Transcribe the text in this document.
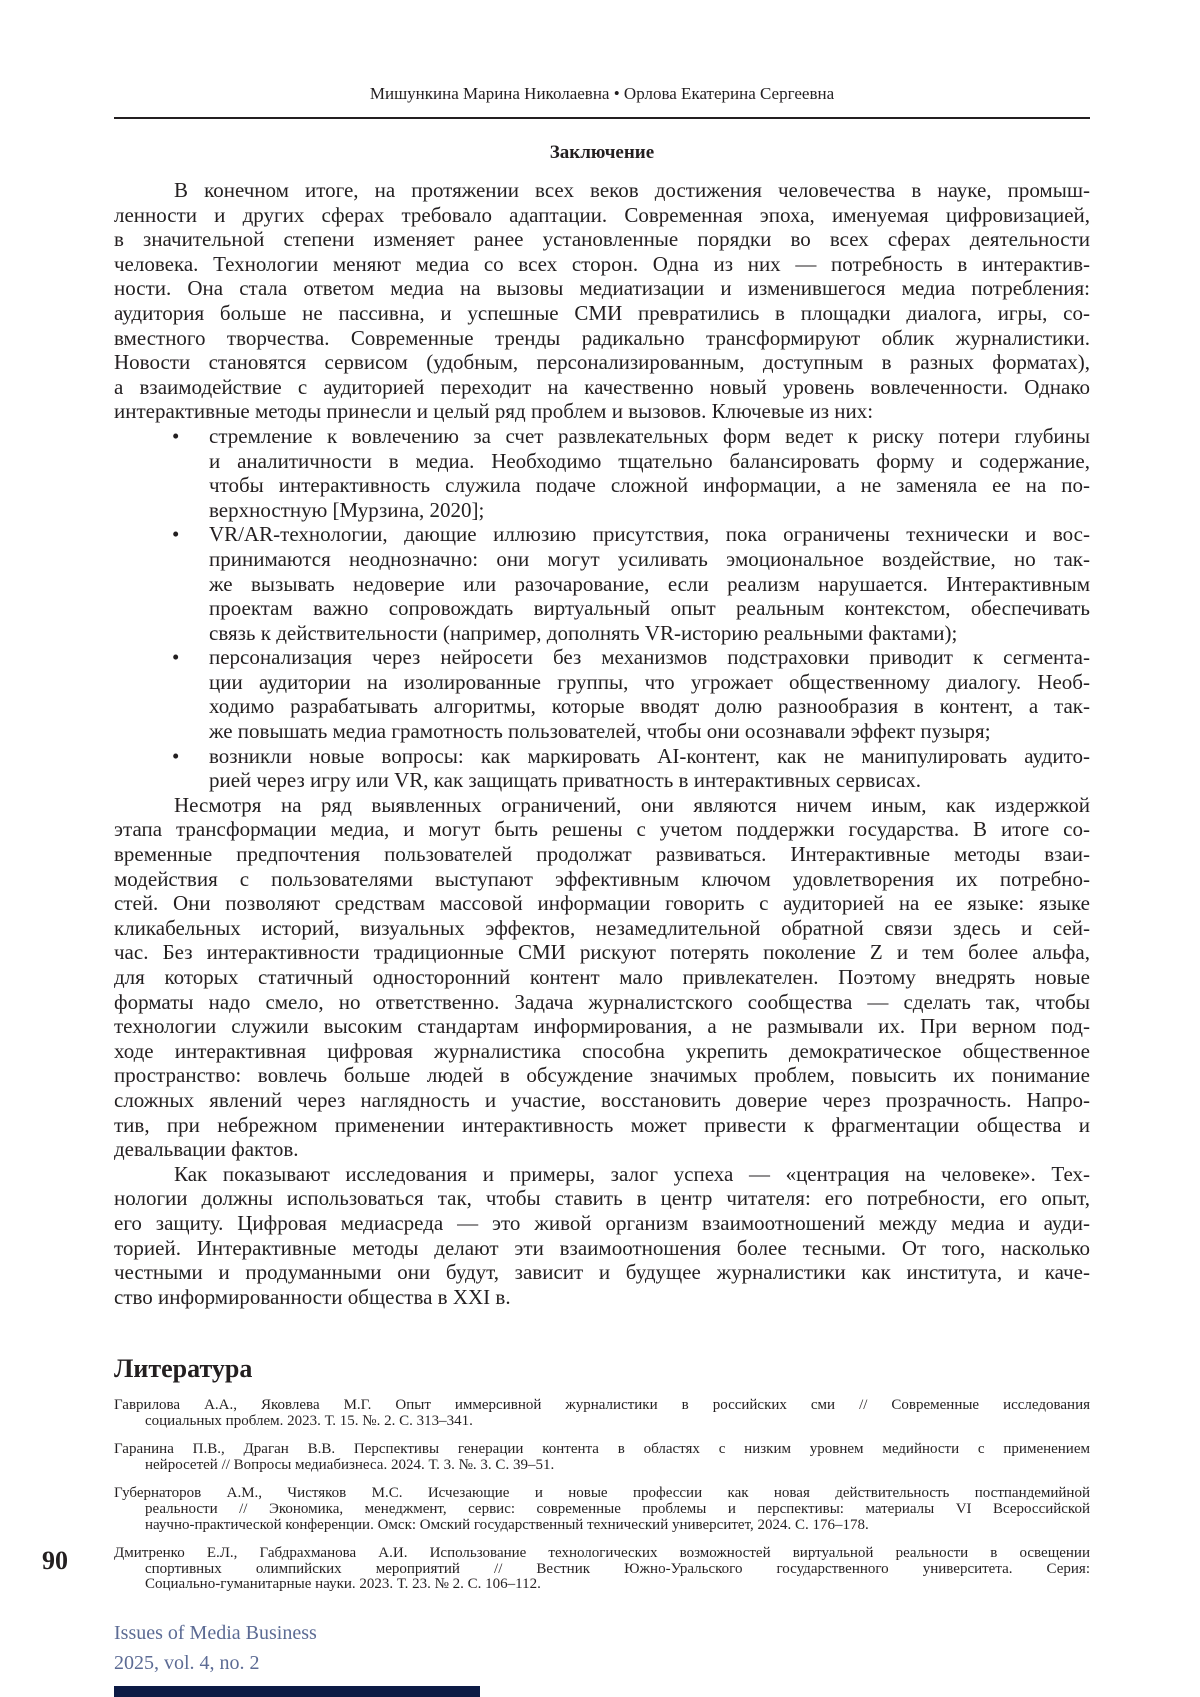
Мишункина Марина Николаевна • Орлова Екатерина Сергеевна
Заключение
В конечном итоге, на протяжении всех веков достижения человечества в науке, промыш-
ленности и других сферах требовало адаптации. Современная эпоха, именуемая цифровизацией,
в значительной степени изменяет ранее установленные порядки во всех сферах деятельности
человека. Технологии меняют медиа со всех сторон. Одна из них — потребность в интерактив-
ности. Она стала ответом медиа на вызовы медиатизации и изменившегося медиа потребления:
аудитория больше не пассивна, и успешные СМИ превратились в площадки диалога, игры, со-
вместного творчества. Современные тренды радикально трансформируют облик журналистики.
Новости становятся сервисом (удобным, персонализированным, доступным в разных форматах),
а взаимодействие с аудиторией переходит на качественно новый уровень вовлеченности. Однако
интерактивные методы принесли и целый ряд проблем и вызовов. Ключевые из них:
• стремление к вовлечению за счет развлекательных форм ведет к риску потери глубины
и аналитичности в медиа. Необходимо тщательно балансировать форму и содержание,
чтобы интерактивность служила подаче сложной информации, а не заменяла ее на по-
верхностную [Мурзина, 2020];
• VR/AR-технологии, дающие иллюзию присутствия, пока ограничены технически и вос-
принимаются неоднозначно: они могут усиливать эмоциональное воздействие, но так-
же вызывать недоверие или разочарование, если реализм нарушается. Интерактивным
проектам важно сопровождать виртуальный опыт реальным контекстом, обеспечивать
связь к действительности (например, дополнять VR-историю реальными фактами);
• персонализация через нейросети без механизмов подстраховки приводит к сегмента-
ции аудитории на изолированные группы, что угрожает общественному диалогу. Необ-
ходимо разрабатывать алгоритмы, которые вводят долю разнообразия в контент, а так-
же повышать медиа грамотность пользователей, чтобы они осознавали эффект пузыря;
• возникли новые вопросы: как маркировать AI-контент, как не манипулировать аудито-
рией через игру или VR, как защищать приватность в интерактивных сервисах.
Несмотря на ряд выявленных ограничений, они являются ничем иным, как издержкой
этапа трансформации медиа, и могут быть решены с учетом поддержки государства. В итоге со-
временные предпочтения пользователей продолжат развиваться. Интерактивные методы взаи-
модействия с пользователями выступают эффективным ключом удовлетворения их потребно-
стей. Они позволяют средствам массовой информации говорить с аудиторией на ее языке: языке
кликабельных историй, визуальных эффектов, незамедлительной обратной связи здесь и сей-
час. Без интерактивности традиционные СМИ рискуют потерять поколение Z и тем более альфа,
для которых статичный односторонний контент мало привлекателен. Поэтому внедрять новые
форматы надо смело, но ответственно. Задача журналистского сообщества — сделать так, чтобы
технологии служили высоким стандартам информирования, а не размывали их. При верном под-
ходе интерактивная цифровая журналистика способна укрепить демократическое общественное
пространство: вовлечь больше людей в обсуждение значимых проблем, повысить их понимание
сложных явлений через наглядность и участие, восстановить доверие через прозрачность. Напро-
тив, при небрежном применении интерактивность может привести к фрагментации общества и
девальвации фактов.
Как показывают исследования и примеры, залог успеха — «центрация на человеке». Тех-
нологии должны использоваться так, чтобы ставить в центр читателя: его потребности, его опыт,
его защиту. Цифровая медиасреда — это живой организм взаимоотношений между медиа и ауди-
торией. Интерактивные методы делают эти взаимоотношения более тесными. От того, насколько
честными и продуманными они будут, зависит и будущее журналистики как института, и каче-
ство информированности общества в XXI в.
Литература
Гаврилова А.А., Яковлева М.Г. Опыт иммерсивной журналистики в российских сми // Современные исследования
социальных проблем. 2023. Т. 15. №. 2. С. 313–341.
Гаранина П.В., Драган В.В. Перспективы генерации контента в областях с низким уровнем медийности с применением
нейросетей // Вопросы медиабизнеса. 2024. Т. 3. №. 3. С. 39–51.
Губернаторов А.М., Чистяков М.С. Исчезающие и новые профессии как новая действительность постпандемийной
реальности // Экономика, менеджмент, сервис: современные проблемы и перспективы: материалы VI Всероссийской
научно-практической конференции. Омск: Омский государственный технический университет, 2024. С. 176–178.
Дмитренко Е.Л., Габдрахманова А.И. Использование технологических возможностей виртуальной реальности в освещении
спортивных олимпийских мероприятий // Вестник Южно-Уральского государственного университета. Серия:
Социально-гуманитарные науки. 2023. Т. 23. № 2. С. 106–112.
90
Issues of Media Business
2025, vol. 4, no. 2
